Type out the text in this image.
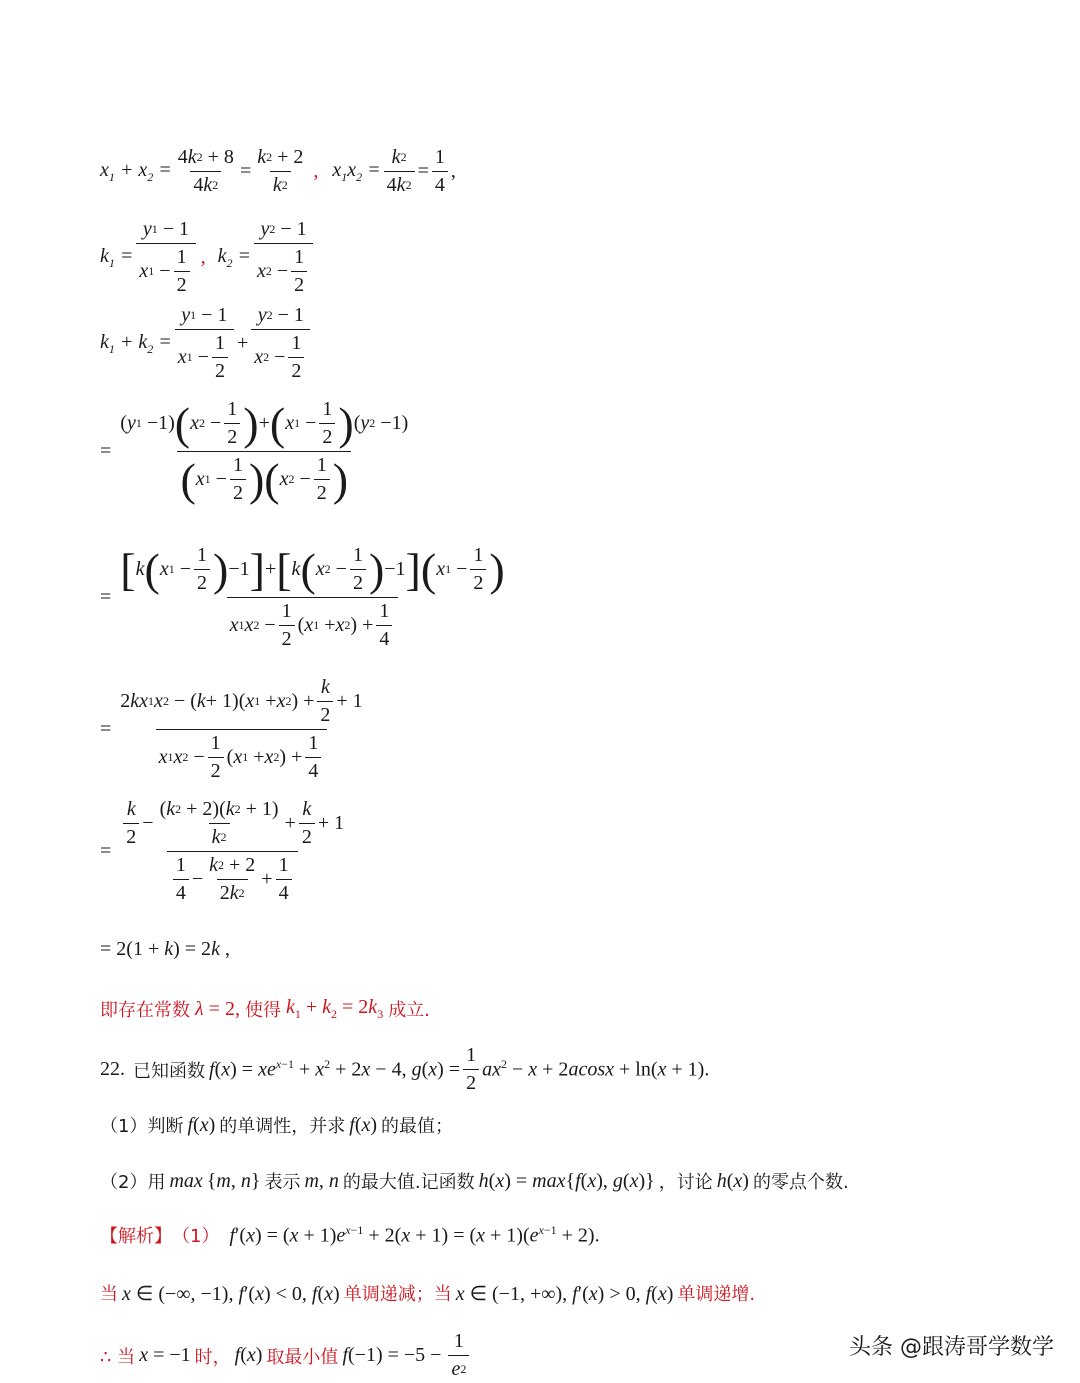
$x_1 + x_2 = \frac{4 k 2 + 8}{4 k 2} = \frac{k 2 + 2}{k 2}$ , $x_1x_2 = \frac{k 2}{4 k 2} = \frac{1}{4}$ ,
$k_1 = \frac{y 1 - 1}{x 1 - \frac{1}{2}}$ , $k_2 = \frac{y 2 - 1}{x 2 - \frac{1}{2}}$
$k_1 + k_2 = \frac{y 1 - 1}{x 1 - \frac{1}{2}} + \frac{y 2 - 1}{x 2 - \frac{1}{2}}$
= $\frac{( y 1 -1) ( x 2 - \frac{1}{2} ) + ( x 1 - \frac{1}{2} ) ( y 2 -1)}{( x 1 - \frac{1}{2} ) ( x 2 - \frac{1}{2} )}$
= $\frac{[ k ( x 1 - \frac{1}{2} ) -1 ] + [ k ( x 2 - \frac{1}{2} ) -1 ] ( x 1 - \frac{1}{2} )}{x 1 x 2 - \frac{1}{2} ( x 1 + x 2 ) + \frac{1}{4}}$
= $\frac{2 kx 1 x 2 - ( k + 1)( x 1 + x 2 ) + \frac{k}{2} + 1}{x 1 x 2 - \frac{1}{2} ( x 1 + x 2 ) + \frac{1}{4}}$
= $\frac{\frac{k}{2} - \frac{( k 2 + 2)( k 2 + 1)}{k 2} + \frac{k}{2} + 1}{\frac{1}{4} - \frac{k 2 + 2}{2 k 2} + \frac{1}{4}}$
= 2(1 + k) = 2k ,
即存在常数 λ = 2, 使得 $k_1 + k_2 = 2k_3$ 成立.
22. 已知函数 $f(x) = xe^{x-1} + x^2 + 2x - 4$, $g(x) = \frac{1}{2} ax^2 - x + 2acosx + \ln(x + 1)$.
（1） 判断 f(x) 的单调性，并求 f(x) 的最值；
（2） 用 max {m, n} 表示 m, n 的最大值.记函数 h(x) = max{f(x), g(x)} ，讨论 h(x) 的零点个数.
【解析】 （1） $f'(x) = (x + 1)e^{x-1} + 2(x + 1) = (x + 1)(e^{x-1} + 2)$.
当 x ∈ (−∞, −1), f′(x) < 0, f(x) 单调递减；当 x ∈ (−1, +∞), f′(x) > 0, f(x) 单调递增.
∴ 当 x = −1 时， f(x) 取最小值 $f(-1) = -5 - \frac{1}{e 2}$	头条 @跟涛哥学数学
